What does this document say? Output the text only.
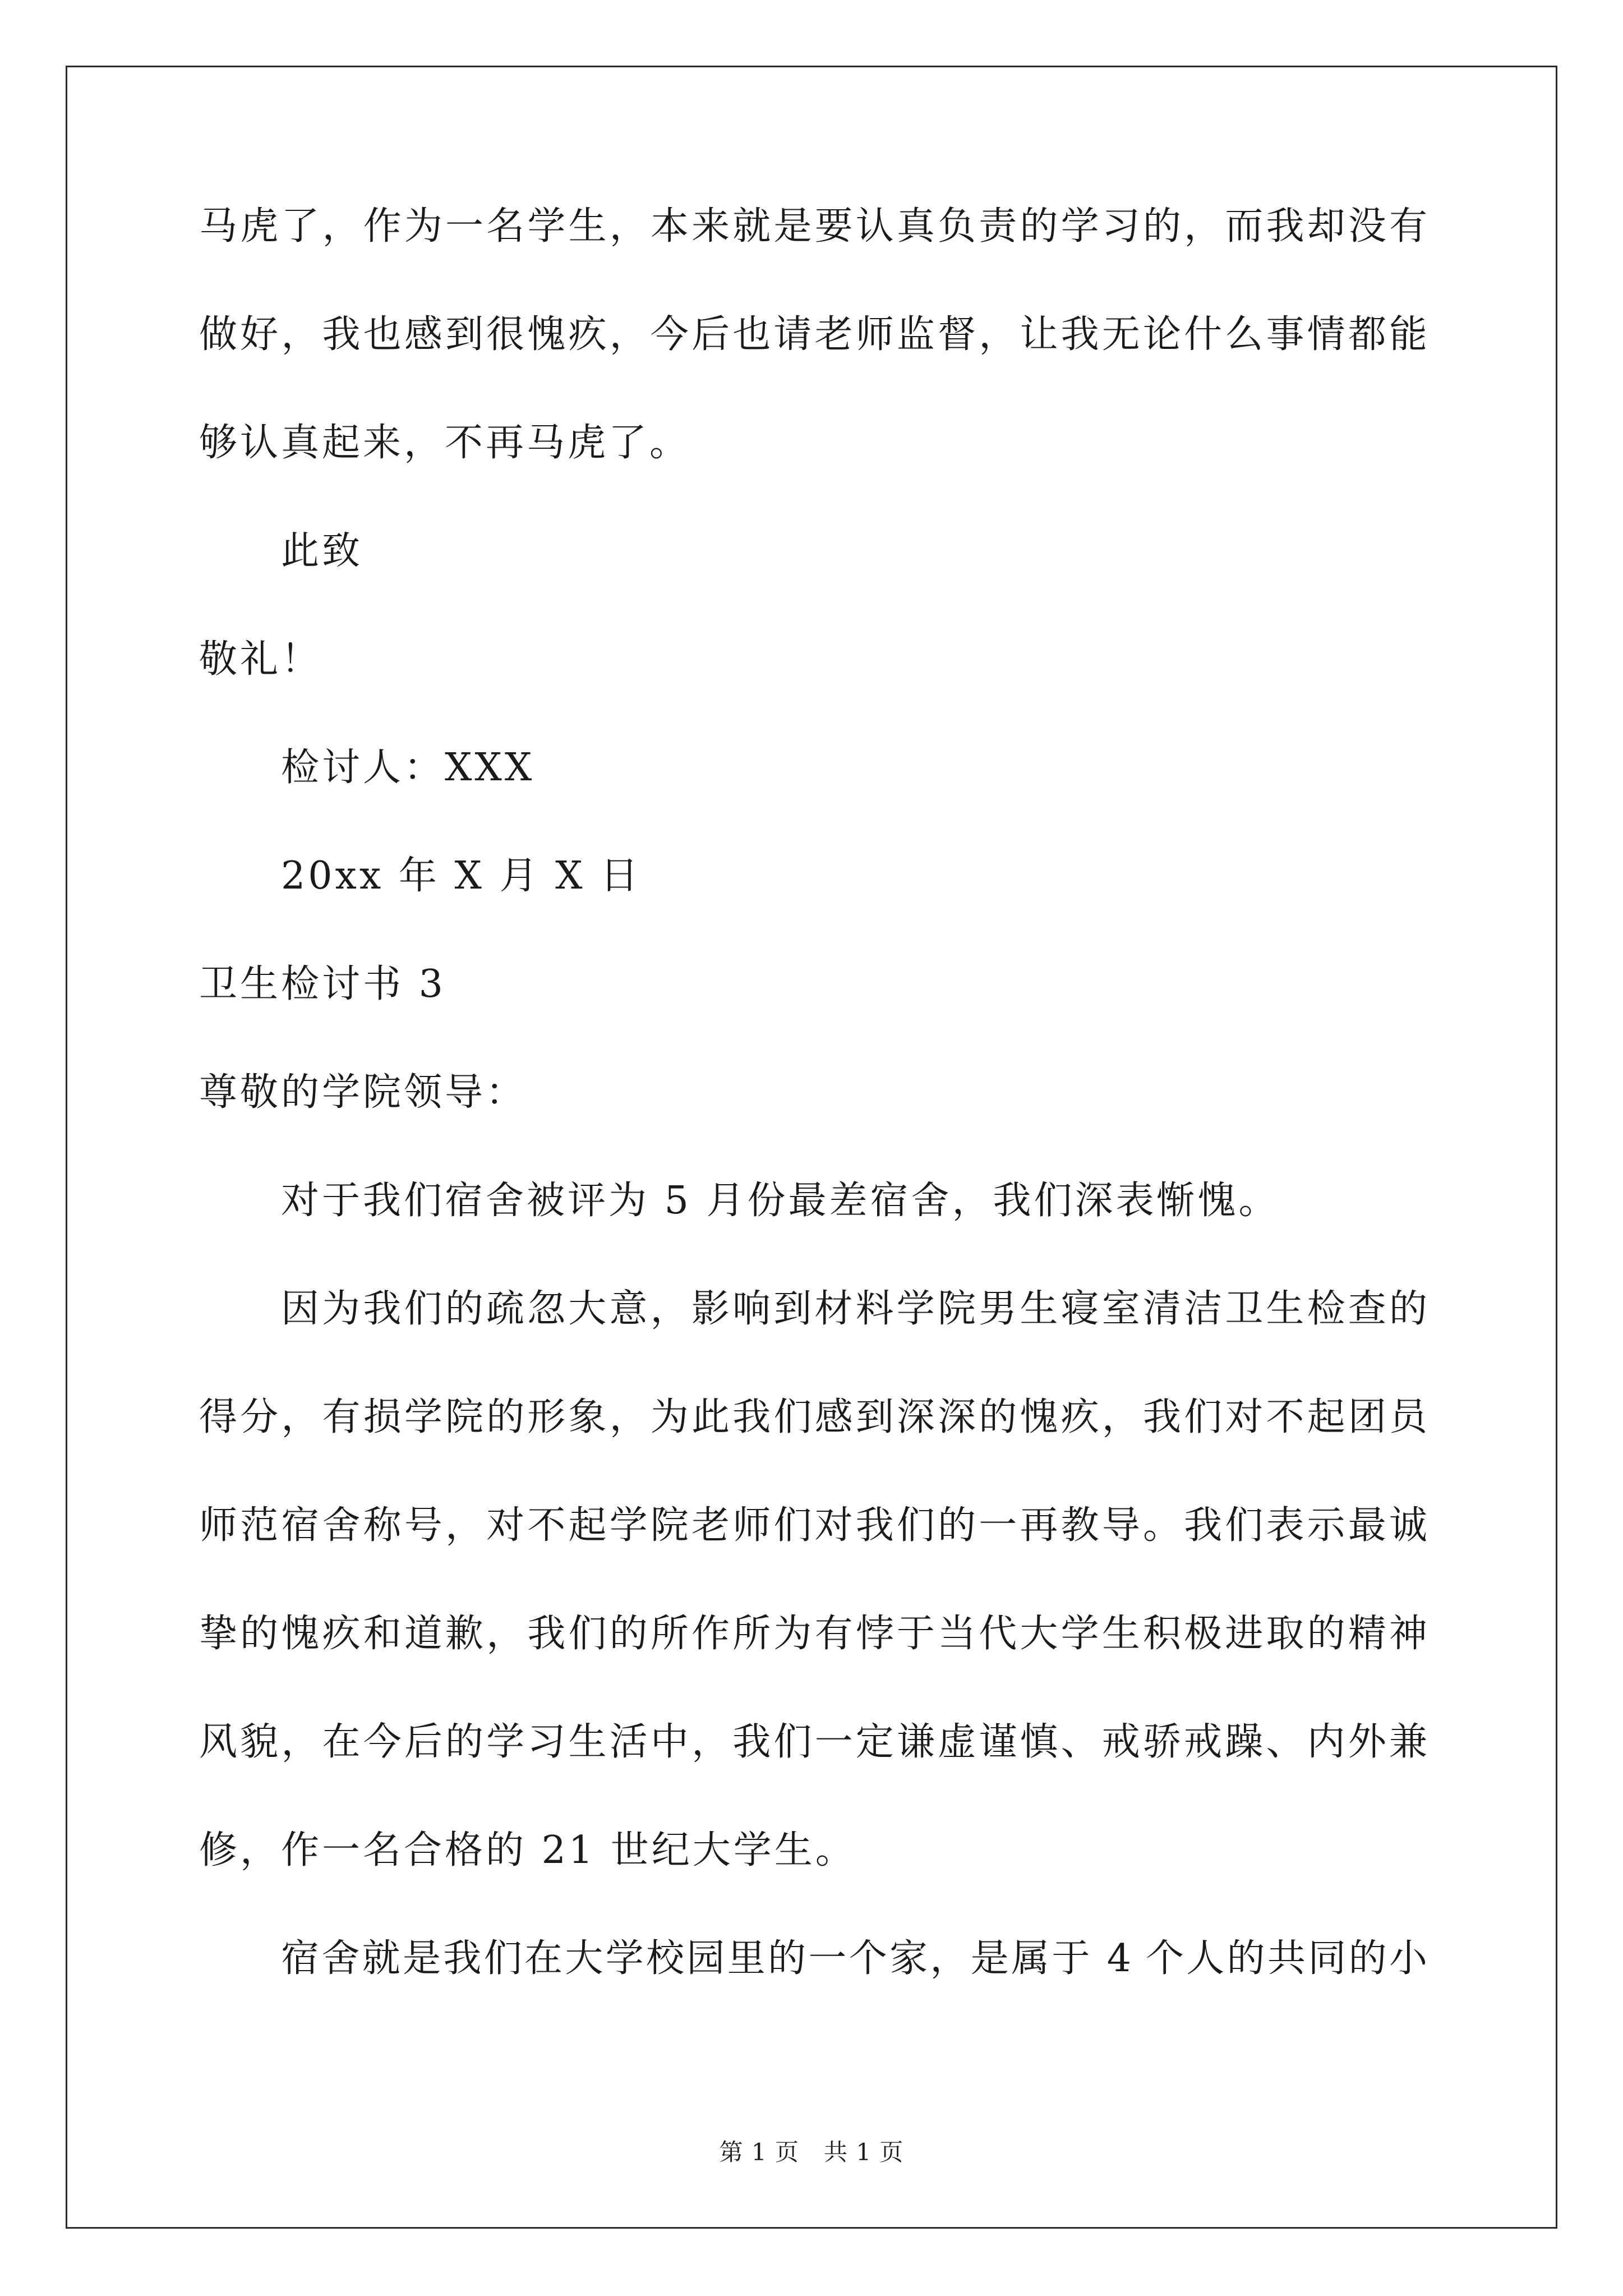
马虎了，作为一名学生，本来就是要认真负责的学习的，而我却没有
做好，我也感到很愧疚，今后也请老师监督，让我无论什么事情都能
够认真起来，不再马虎了。
此致
敬礼！
检讨人：XXX
20xx 年 X 月 X 日
卫生检讨书 3
尊敬的学院领导：
对于我们宿舍被评为 5 月份最差宿舍，我们深表惭愧。
因为我们的疏忽大意，影响到材料学院男生寝室清洁卫生检查的
得分，有损学院的形象，为此我们感到深深的愧疚，我们对不起团员
师范宿舍称号，对不起学院老师们对我们的一再教导。我们表示最诚
挚的愧疚和道歉，我们的所作所为有悖于当代大学生积极进取的精神
风貌，在今后的学习生活中，我们一定谦虚谨慎、戒骄戒躁、内外兼
修，作一名合格的 21 世纪大学生。
宿舍就是我们在大学校园里的一个家，是属于 4 个人的共同的小
第 1 页 共 1 页
